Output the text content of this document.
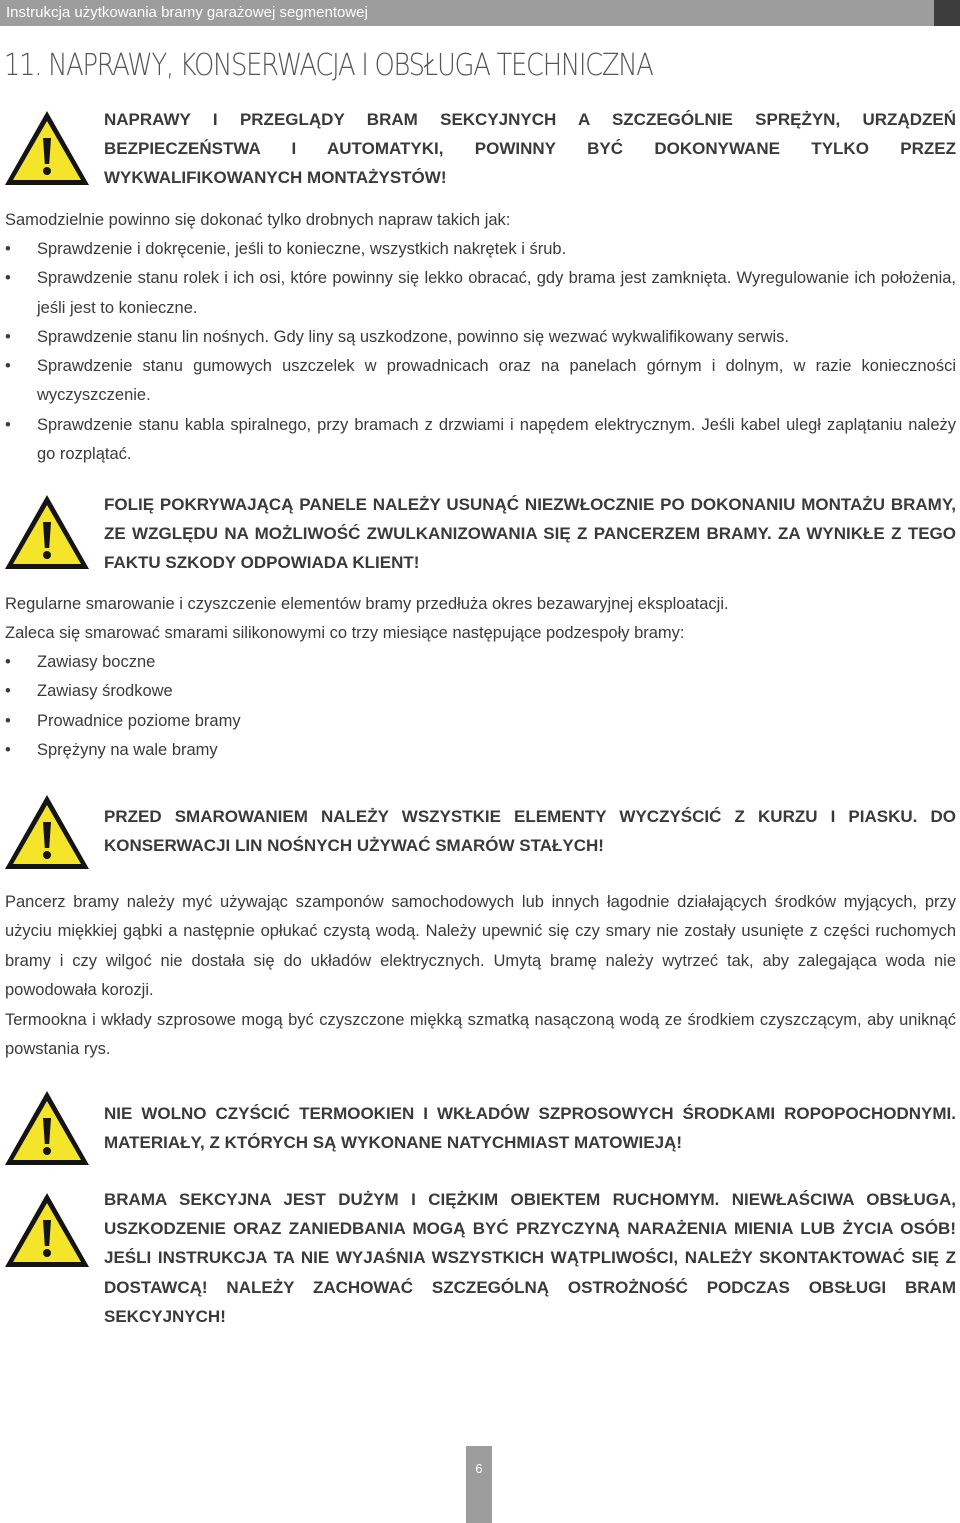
Instrukcja użytkowania bramy garażowej segmentowej
11. NAPRAWY, KONSERWACJA I OBSŁUGA TECHNICZNA

NAPRAWY I PRZEGLĄDY BRAM SEKCYJNYCH A SZCZEGÓLNIE SPRĘŻYN, URZĄDZEŃ BEZPIECZEŃSTWA I AUTOMATYKI, POWINNY BYĆ DOKONYWANE TYLKO PRZEZ WYKWALIFIKOWANYCH MONTAŻYSTÓW!

Samodzielnie powinno się dokonać tylko drobnych napraw takich jak:

• Sprawdzenie i dokręcenie, jeśli to konieczne, wszystkich nakrętek i śrub.
• Sprawdzenie stanu rolek i ich osi, które powinny się lekko obracać, gdy brama jest zamknięta. Wyregulowanie ich położenia, jeśli jest to konieczne.
• Sprawdzenie stanu lin nośnych. Gdy liny są uszkodzone, powinno się wezwać wykwalifikowany serwis.
• Sprawdzenie stanu gumowych uszczelek w prowadnicach oraz na panelach górnym i dolnym, w razie konieczności wyczyszczenie.
• Sprawdzenie stanu kabla spiralnego, przy bramach z drzwiami i napędem elektrycznym. Jeśli kabel uległ zaplątaniu należy go rozplątać.

FOLIĘ POKRYWAJĄCĄ PANELE NALEŻY USUNĄĆ NIEZWŁOCZNIE PO DOKONANIU MONTAŻU BRAMY, ZE WZGLĘDU NA MOŻLIWOŚĆ ZWULKANIZOWANIA SIĘ Z PANCERZEM BRAMY. ZA WYNIKŁE Z TEGO FAKTU SZKODY ODPOWIADA KLIENT!

Regularne smarowanie i czyszczenie elementów bramy przedłuża okres bezawaryjnej eksploatacji.

Zaleca się smarować smarami silikonowymi co trzy miesiące następujące podzespoły bramy:

• Zawiasy boczne
• Zawiasy środkowe
• Prowadnice poziome bramy
• Sprężyny na wale bramy

PRZED SMAROWANIEM NALEŻY WSZYSTKIE ELEMENTY WYCZYŚCIĆ Z KURZU I PIASKU. DO KONSERWACJI LIN NOŚNYCH UŻYWAĆ SMARÓW STAŁYCH!

Pancerz bramy należy myć używając szamponów samochodowych lub innych łagodnie działających środków myjących, przy użyciu miękkiej gąbki a następnie opłukać czystą wodą. Należy upewnić się czy smary nie zostały usunięte z części ruchomych bramy i czy wilgoć nie dostała się do układów elektrycznych. Umytą bramę należy wytrzeć tak, aby zalegająca woda nie powodowała korozji.

Termookna i wkłady szprosowe mogą być czyszczone miękką szmatką nasączoną wodą ze środkiem czyszczącym, aby uniknąć powstania rys.

NIE WOLNO CZYŚCIĆ TERMOOKIEN I WKŁADÓW SZPROSOWYCH ŚRODKAMI ROPOPOCHODNYMI. MATERIAŁY, Z KTÓRYCH SĄ WYKONANE NATYCHMIAST MATOWIEJĄ!

BRAMA SEKCYJNA JEST DUŻYM I CIĘŻKIM OBIEKTEM RUCHOMYM. NIEWŁAŚCIWA OBSŁUGA, USZKODZENIE ORAZ ZANIEDBANIA MOGĄ BYĆ PRZYCZYNĄ NARAŻENIA MIENIA LUB ŻYCIA OSÓB! JEŚLI INSTRUKCJA TA NIE WYJAŚNIA WSZYSTKICH WĄTPLIWOŚCI, NALEŻY SKONTAKTOWAĆ SIĘ Z DOSTAWCĄ! NALEŻY ZACHOWAĆ SZCZEGÓLNĄ OSTROŻNOŚĆ PODCZAS OBSŁUGI BRAM SEKCYJNYCH!

6
